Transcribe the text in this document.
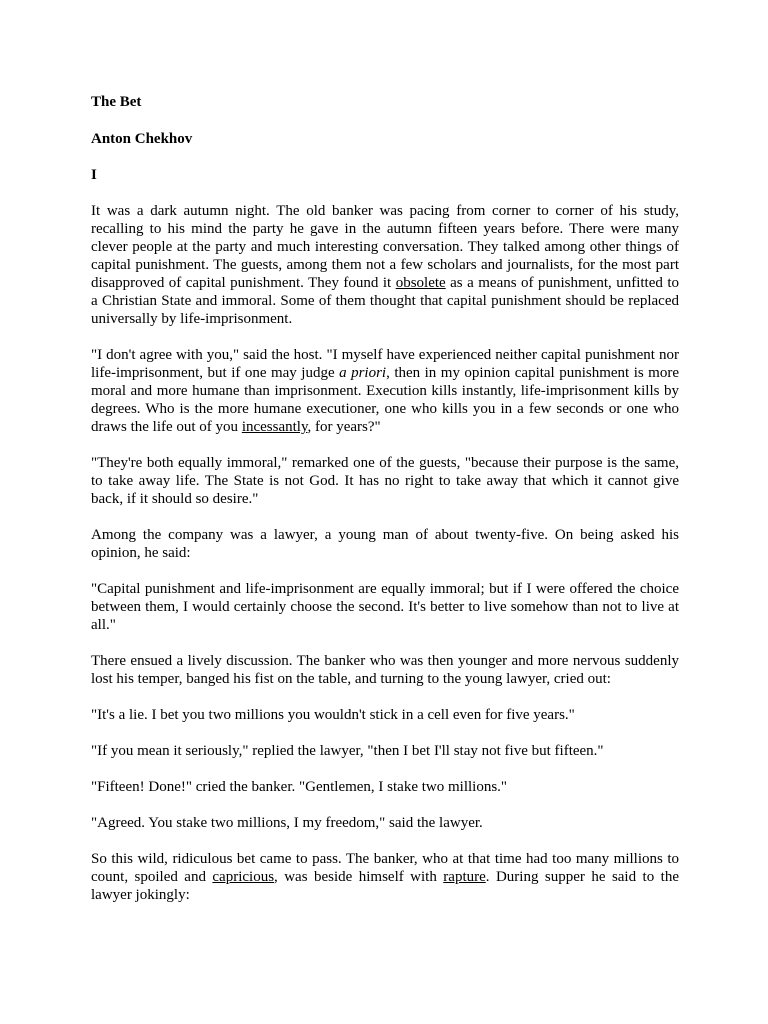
The Bet
Anton Chekhov
I

It was a dark autumn night. The old banker was pacing from corner to corner of his study, recalling to his mind the party he gave in the autumn fifteen years before. There were many clever people at the party and much interesting conversation. They talked among other things of capital punishment. The guests, among them not a few scholars and journalists, for the most part disapproved of capital punishment. They found it obsolete as a means of punishment, unfitted to a Christian State and immoral. Some of them thought that capital punishment should be replaced universally by life-imprisonment.

"I don't agree with you," said the host. "I myself have experienced neither capital punishment nor life-imprisonment, but if one may judge a priori, then in my opinion capital punishment is more moral and more humane than imprisonment. Execution kills instantly, life-imprisonment kills by degrees. Who is the more humane executioner, one who kills you in a few seconds or one who draws the life out of you incessantly, for years?"

"They're both equally immoral," remarked one of the guests, "because their purpose is the same, to take away life. The State is not God. It has no right to take away that which it cannot give back, if it should so desire."

Among the company was a lawyer, a young man of about twenty-five. On being asked his opinion, he said:

"Capital punishment and life-imprisonment are equally immoral; but if I were offered the choice between them, I would certainly choose the second. It's better to live somehow than not to live at all."

There ensued a lively discussion. The banker who was then younger and more nervous suddenly lost his temper, banged his fist on the table, and turning to the young lawyer, cried out:

"It's a lie. I bet you two millions you wouldn't stick in a cell even for five years."

"If you mean it seriously," replied the lawyer, "then I bet I'll stay not five but fifteen."

"Fifteen! Done!" cried the banker. "Gentlemen, I stake two millions."

"Agreed. You stake two millions, I my freedom," said the lawyer.

So this wild, ridiculous bet came to pass. The banker, who at that time had too many millions to count, spoiled and capricious, was beside himself with rapture. During supper he said to the lawyer jokingly:
